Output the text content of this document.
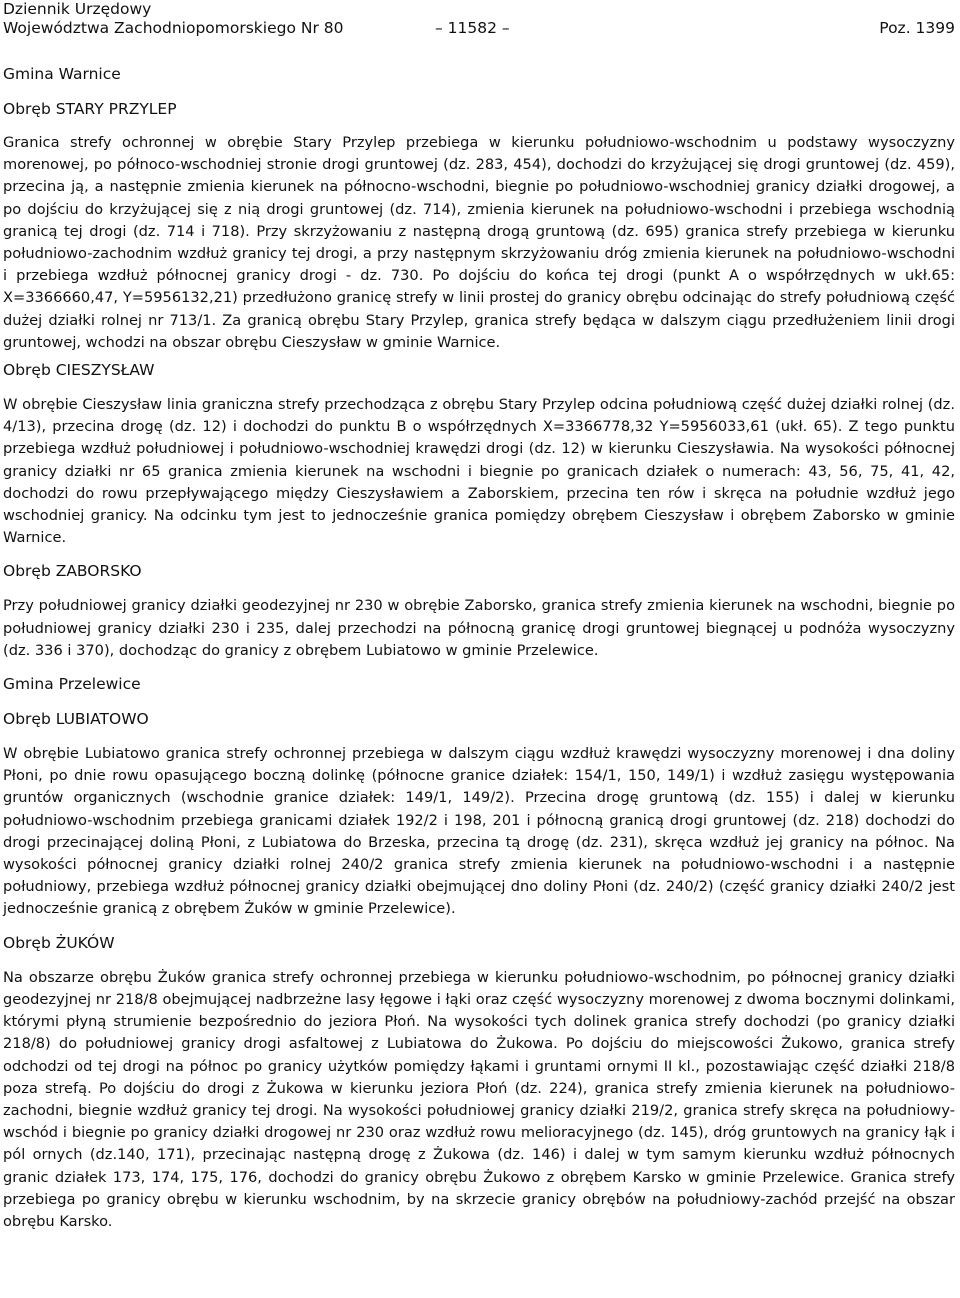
Dziennik Urzędowy
Województwa Zachodniopomorskiego Nr 80	Poz. 1399
– 11582 –

Gmina Warnice

Obręb STARY PRZYLEP

Granica strefy ochronnej w obrębie Stary Przylep przebiega w kierunku południowo-wschodnim u podstawy wysoczyzny morenowej, po północo-wschodniej stronie drogi gruntowej (dz. 283, 454), dochodzi do krzyżującej się drogi gruntowej (dz. 459), przecina ją, a następnie zmienia kierunek na północno-wschodni, biegnie po południowo-wschodniej granicy działki drogowej, a po dojściu do krzyżującej się z nią drogi gruntowej (dz. 714), zmienia kierunek na południowo-wschodni i przebiega wschodnią granicą tej drogi (dz. 714 i 718). Przy skrzyżowaniu z następną drogą gruntową (dz. 695) granica strefy przebiega w kierunku południowo-zachodnim wzdłuż granicy tej drogi, a przy następnym skrzyżowaniu dróg zmienia kierunek na południowo-wschodni i przebiega wzdłuż północnej granicy drogi - dz. 730. Po dojściu do końca tej drogi (punkt A o współrzędnych w ukł.65: X=3366660,47, Y=5956132,21) przedłużono granicę strefy w linii prostej do granicy obrębu odcinając do strefy południową część dużej działki rolnej nr 713/1. Za granicą obrębu Stary Przylep, granica strefy będąca w dalszym ciągu przedłużeniem linii drogi gruntowej, wchodzi na obszar obrębu Cieszysław w gminie Warnice.

Obręb CIESZYSŁAW

W obrębie Cieszysław linia graniczna strefy przechodząca z obrębu Stary Przylep odcina południową część dużej działki rolnej (dz. 4/13), przecina drogę (dz. 12) i dochodzi do punktu B o współrzędnych X=3366778,32 Y=5956033,61 (ukł. 65). Z tego punktu przebiega wzdłuż południowej i południowo-wschodniej krawędzi drogi (dz. 12) w kierunku Cieszysławia. Na wysokości północnej granicy działki nr 65 granica zmienia kierunek na wschodni i biegnie po granicach działek o numerach: 43, 56, 75, 41, 42, dochodzi do rowu przepływającego między Cieszysławiem a Zaborskiem, przecina ten rów i skręca na południe wzdłuż jego wschodniej granicy. Na odcinku tym jest to jednocześnie granica pomiędzy obrębem Cieszysław i obrębem Zaborsko w gminie Warnice.

Obręb ZABORSKO

Przy południowej granicy działki geodezyjnej nr 230 w obrębie Zaborsko, granica strefy zmienia kierunek na wschodni, biegnie po południowej granicy działki 230 i 235, dalej przechodzi na północną granicę drogi gruntowej biegnącej u podnóża wysoczyzny (dz. 336 i 370), dochodząc do granicy z obrębem Lubiatowo w gminie Przelewice.

Gmina Przelewice

Obręb LUBIATOWO

W obrębie Lubiatowo granica strefy ochronnej przebiega w dalszym ciągu wzdłuż krawędzi wysoczyzny morenowej i dna doliny Płoni, po dnie rowu opasującego boczną dolinkę (północne granice działek: 154/1, 150, 149/1) i wzdłuż zasięgu występowania gruntów organicznych (wschodnie granice działek: 149/1, 149/2). Przecina drogę gruntową (dz. 155) i dalej w kierunku południowo-wschodnim przebiega granicami działek 192/2 i 198, 201 i północną granicą drogi gruntowej (dz. 218) dochodzi do drogi przecinającej doliną Płoni, z Lubiatowa do Brzeska, przecina tą drogę (dz. 231), skręca wzdłuż jej granicy na północ. Na wysokości północnej granicy działki rolnej 240/2 granica strefy zmienia kierunek na południowo-wschodni i a następnie południowy, przebiega wzdłuż północnej granicy działki obejmującej dno doliny Płoni (dz. 240/2) (część granicy działki 240/2 jest jednocześnie granicą z obrębem Żuków w gminie Przelewice).

Obręb ŻUKÓW

Na obszarze obrębu Żuków granica strefy ochronnej przebiega w kierunku południowo-wschodnim, po północnej granicy działki geodezyjnej nr 218/8 obejmującej nadbrzeżne lasy łęgowe i łąki oraz część wysoczyzny morenowej z dwoma bocznymi dolinkami, którymi płyną strumienie bezpośrednio do jeziora Płoń. Na wysokości tych dolinek granica strefy dochodzi (po granicy działki 218/8) do południowej granicy drogi asfaltowej z Lubiatowa do Żukowa. Po dojściu do miejscowości Żukowo, granica strefy odchodzi od tej drogi na północ po granicy użytków pomiędzy łąkami i gruntami ornymi II kl., pozostawiając część działki 218/8 poza strefą. Po dojściu do drogi z Żukowa w kierunku jeziora Płoń (dz. 224), granica strefy zmienia kierunek na południowo-zachodni, biegnie wzdłuż granicy tej drogi. Na wysokości południowej granicy działki 219/2, granica strefy skręca na południowy-wschód i biegnie po granicy działki drogowej nr 230 oraz wzdłuż rowu melioracyjnego (dz. 145), dróg gruntowych na granicy łąk i pól ornych (dz.140, 171), przecinając następną drogę z Żukowa (dz. 146) i dalej w tym samym kierunku wzdłuż północnych granic działek 173, 174, 175, 176, dochodzi do granicy obrębu Żukowo z obrębem Karsko w gminie Przelewice. Granica strefy przebiega po granicy obrębu w kierunku wschodnim, by na skrzecie granicy obrębów na południowy-zachód przejść na obszar obrębu Karsko.
